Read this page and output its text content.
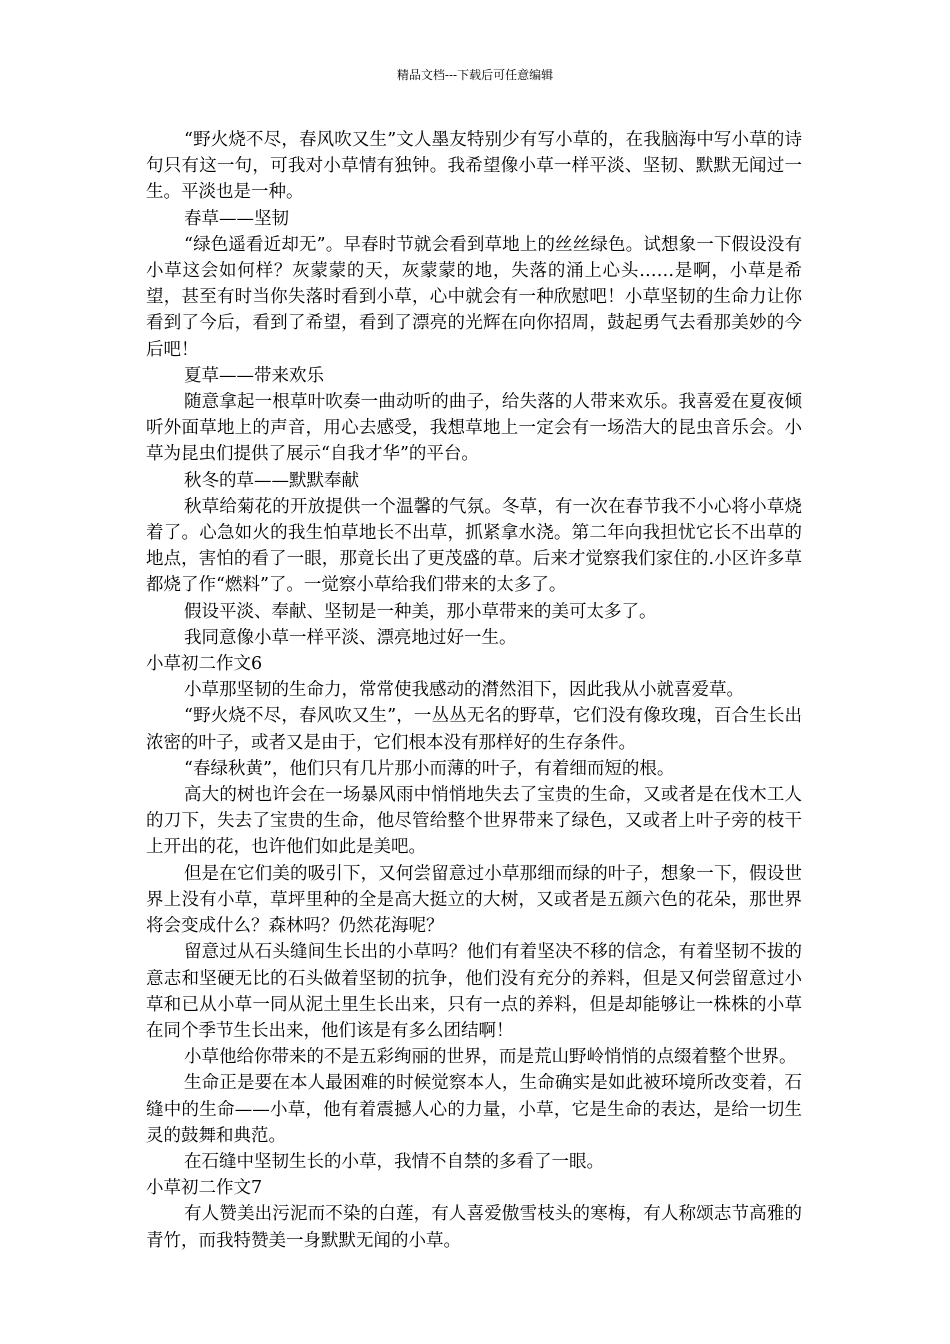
精品文档---下载后可任意编辑

“野火烧不尽，春风吹又生”文人墨友特别少有写小草的，在我脑海中写小草的诗句只有这一句，可我对小草情有独钟。我希望像小草一样平淡、坚韧、默默无闻过一生。平淡也是一种。

春草——坚韧

“绿色遥看近却无”。早春时节就会看到草地上的丝丝绿色。试想象一下假设没有小草这会如何样？灰蒙蒙的天，灰蒙蒙的地，失落的涌上心头……是啊，小草是希望，甚至有时当你失落时看到小草，心中就会有一种欣慰吧！小草坚韧的生命力让你看到了今后，看到了希望，看到了漂亮的光辉在向你招周，鼓起勇气去看那美妙的今后吧！

夏草——带来欢乐

随意拿起一根草叶吹奏一曲动听的曲子，给失落的人带来欢乐。我喜爱在夏夜倾听外面草地上的声音，用心去感受，我想草地上一定会有一场浩大的昆虫音乐会。小草为昆虫们提供了展示“自我才华”的平台。

秋冬的草——默默奉献

秋草给菊花的开放提供一个温馨的气氛。冬草，有一次在春节我不小心将小草烧着了。心急如火的我生怕草地长不出草，抓紧拿水浇。第二年向我担忧它长不出草的地点，害怕的看了一眼，那竟长出了更茂盛的草。后来才觉察我们家住的.小区许多草都烧了作“燃料”了。一觉察小草给我们带来的太多了。

假设平淡、奉献、坚韧是一种美，那小草带来的美可太多了。

我同意像小草一样平淡、漂亮地过好一生。

小草初二作文6

小草那坚韧的生命力，常常使我感动的潸然泪下，因此我从小就喜爱草。

“野火烧不尽，春风吹又生”，一丛丛无名的野草，它们没有像玫瑰，百合生长出浓密的叶子，或者又是由于，它们根本没有那样好的生存条件。

“春绿秋黄”，他们只有几片那小而薄的叶子，有着细而短的根。

高大的树也许会在一场暴风雨中悄悄地失去了宝贵的生命，又或者是在伐木工人的刀下，失去了宝贵的生命，他尽管给整个世界带来了绿色，又或者上叶子旁的枝干上开出的花，也许他们如此是美吧。

但是在它们美的吸引下，又何尝留意过小草那细而绿的叶子，想象一下，假设世界上没有小草，草坪里种的全是高大挺立的大树，又或者是五颜六色的花朵，那世界将会变成什么？森林吗？仍然花海呢？

留意过从石头缝间生长出的小草吗？他们有着坚决不移的信念，有着坚韧不拔的意志和坚硬无比的石头做着坚韧的抗争，他们没有充分的养料，但是又何尝留意过小草和已从小草一同从泥土里生长出来，只有一点的养料，但是却能够让一株株的小草在同个季节生长出来，他们该是有多么团结啊！

小草他给你带来的不是五彩绚丽的世界，而是荒山野岭悄悄的点缀着整个世界。

生命正是要在本人最困难的时候觉察本人，生命确实是如此被环境所改变着，石缝中的生命——小草，他有着震撼人心的力量，小草，它是生命的表达，是给一切生灵的鼓舞和典范。

在石缝中坚韧生长的小草，我情不自禁的多看了一眼。

小草初二作文7

有人赞美出污泥而不染的白莲，有人喜爱傲雪枝头的寒梅，有人称颂志节高雅的青竹，而我特赞美一身默默无闻的小草。
